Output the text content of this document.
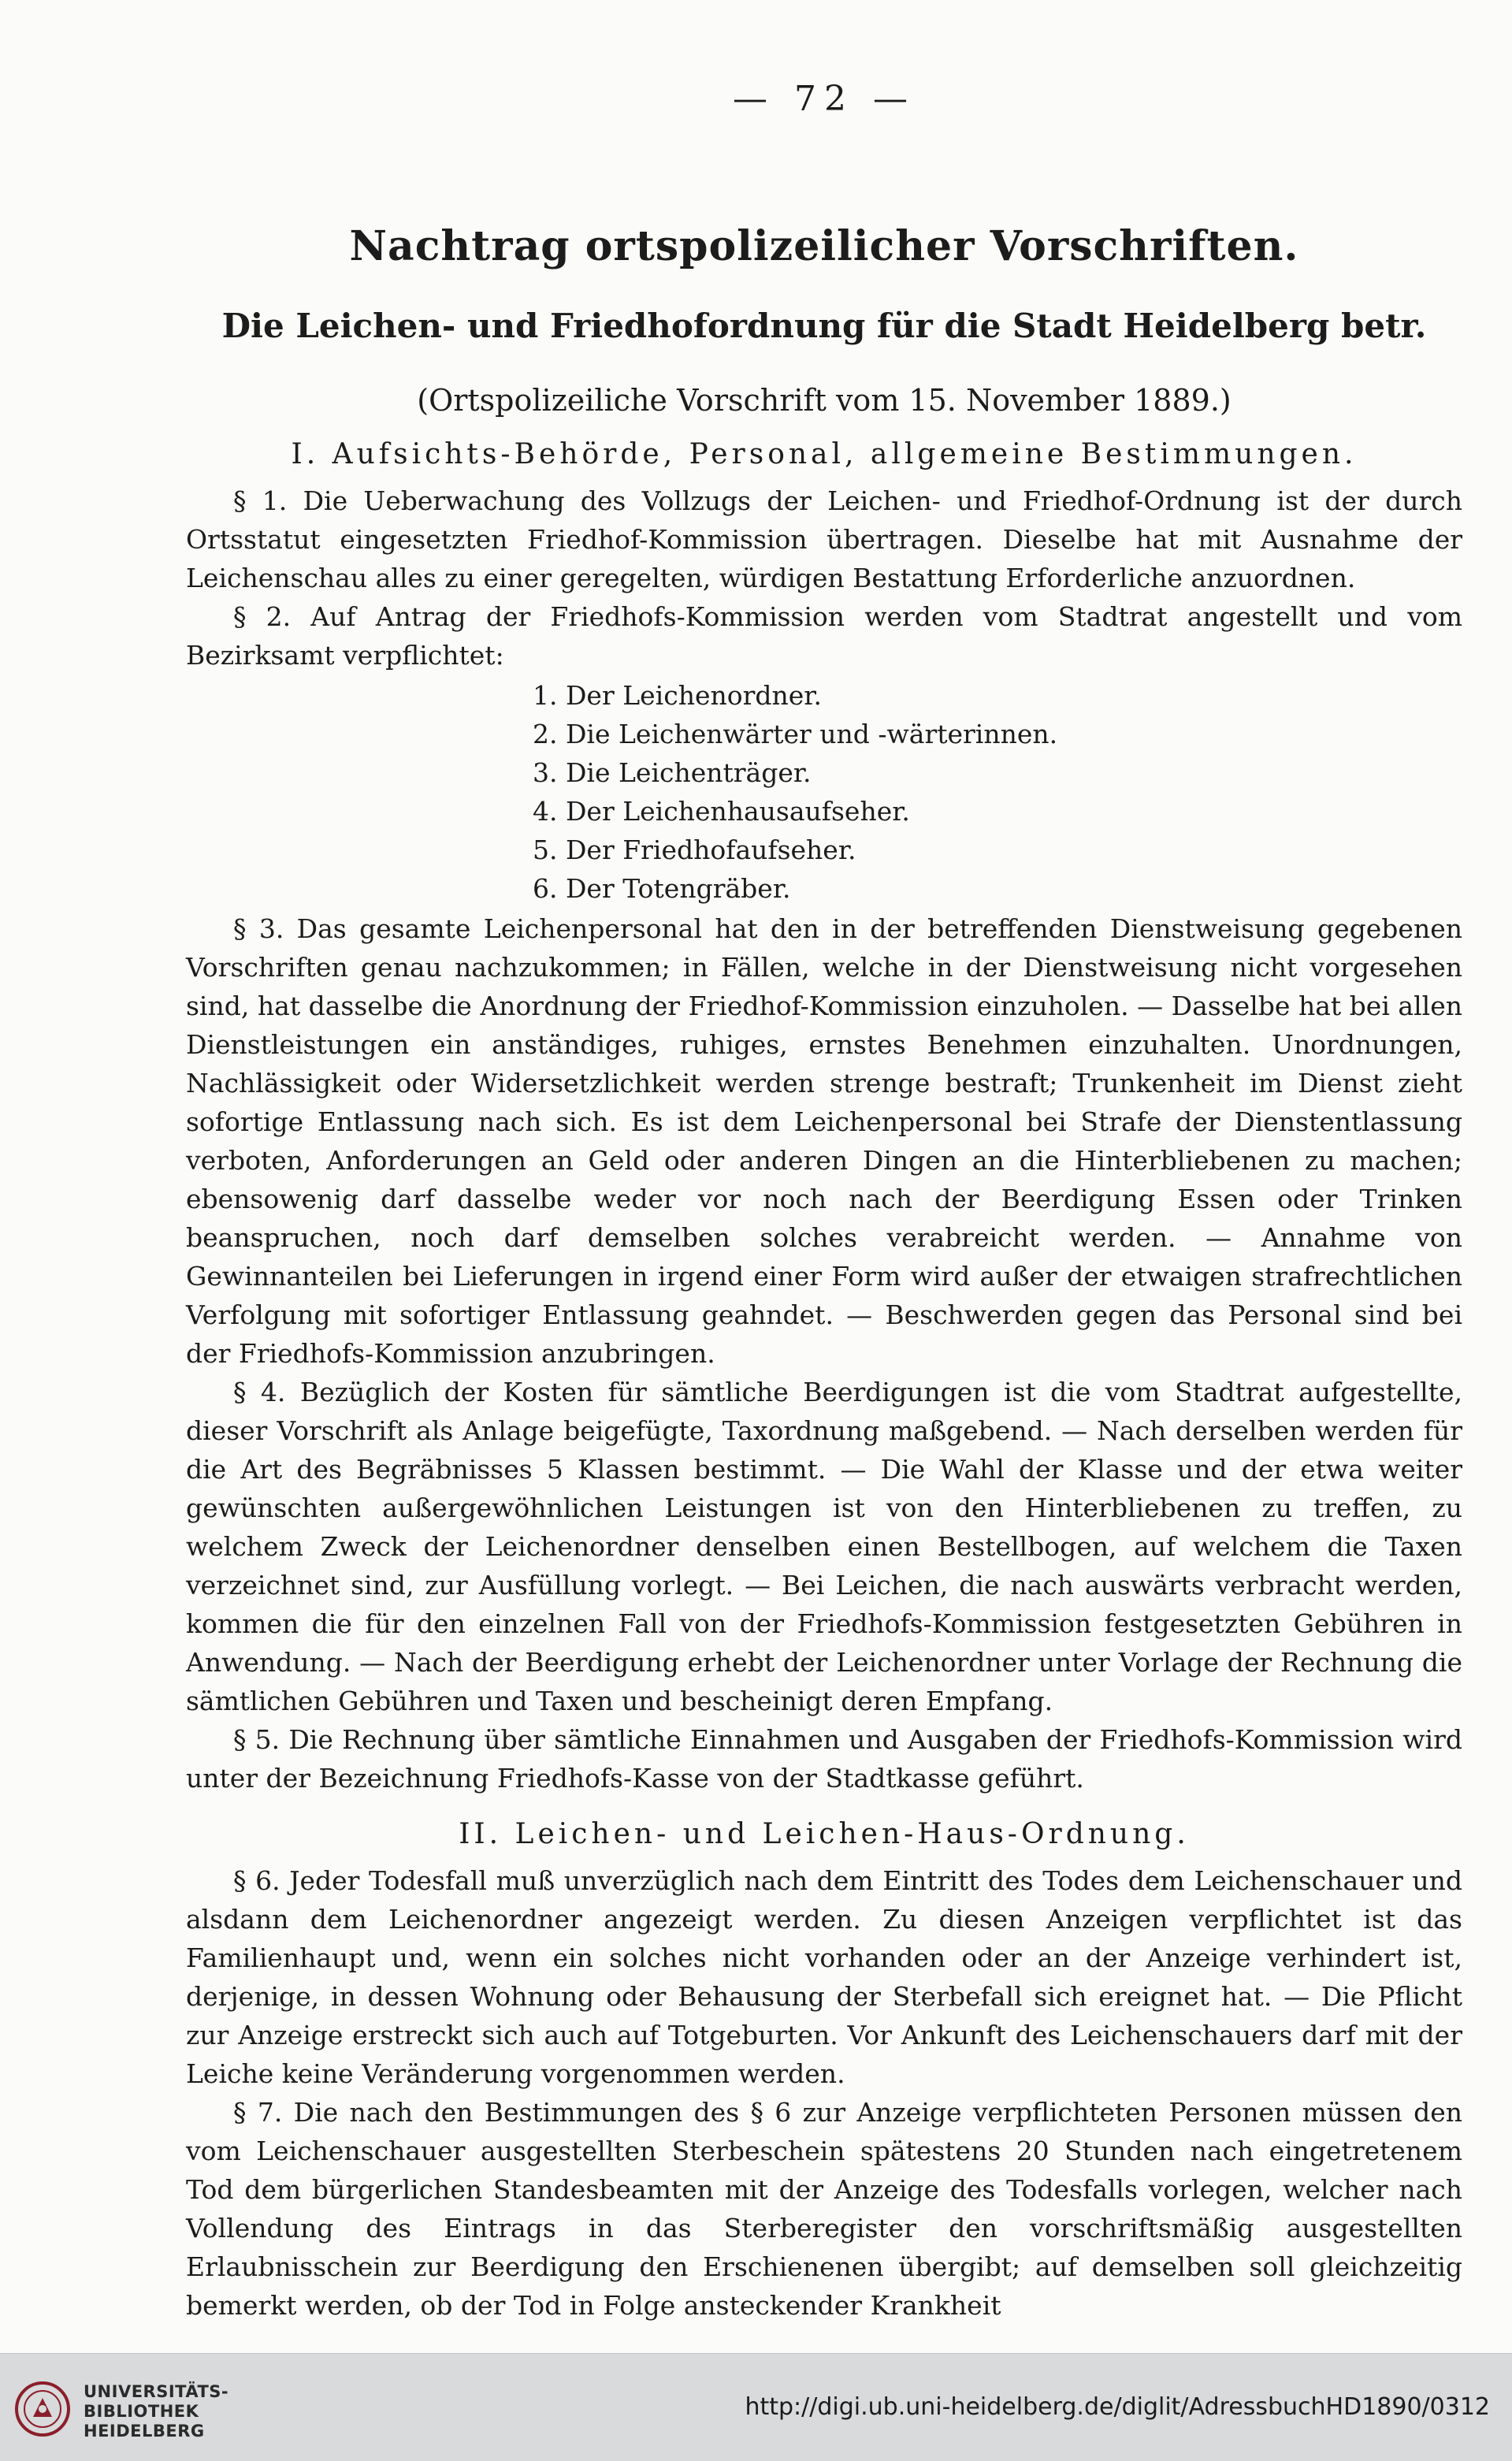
— 72 —
Nachtrag ortspolizeilicher Vorschriften.
Die Leichen- und Friedhofordnung für die Stadt Heidelberg betr.
(Ortspolizeiliche Vorschrift vom 15. November 1889.)
I. Aufsichts-Behörde, Personal, allgemeine Bestimmungen.

§ 1. Die Ueberwachung des Vollzugs der Leichen- und Friedhof-Ordnung ist der durch Ortsstatut eingesetzten Friedhof-Kommission übertragen. Dieselbe hat mit Ausnahme der Leichenschau alles zu einer geregelten, würdigen Bestattung Erforderliche anzuordnen.

§ 2. Auf Antrag der Friedhofs-Kommission werden vom Stadtrat angestellt und vom Bezirksamt verpflichtet:

1. Der Leichenordner.
2. Die Leichenwärter und -wärterinnen.
3. Die Leichenträger.
4. Der Leichenhausaufseher.
5. Der Friedhofaufseher.
6. Der Totengräber.

§ 3. Das gesamte Leichenpersonal hat den in der betreffenden Dienstweisung gegebenen Vorschriften genau nachzukommen; in Fällen, welche in der Dienstweisung nicht vorgesehen sind, hat dasselbe die Anordnung der Friedhof-Kommission einzuholen. — Dasselbe hat bei allen Dienstleistungen ein anständiges, ruhiges, ernstes Benehmen einzuhalten. Unordnungen, Nachlässigkeit oder Widersetzlichkeit werden strenge bestraft; Trunkenheit im Dienst zieht sofortige Entlassung nach sich. Es ist dem Leichenpersonal bei Strafe der Dienstentlassung verboten, Anforderungen an Geld oder anderen Dingen an die Hinterbliebenen zu machen; ebensowenig darf dasselbe weder vor noch nach der Beerdigung Essen oder Trinken beanspruchen, noch darf demselben solches verabreicht werden. — Annahme von Gewinnanteilen bei Lieferungen in irgend einer Form wird außer der etwaigen strafrechtlichen Verfolgung mit sofortiger Entlassung geahndet. — Beschwerden gegen das Personal sind bei der Friedhofs-Kommission anzubringen.

§ 4. Bezüglich der Kosten für sämtliche Beerdigungen ist die vom Stadtrat aufgestellte, dieser Vorschrift als Anlage beigefügte, Taxordnung maßgebend. — Nach derselben werden für die Art des Begräbnisses 5 Klassen bestimmt. — Die Wahl der Klasse und der etwa weiter gewünschten außergewöhnlichen Leistungen ist von den Hinterbliebenen zu treffen, zu welchem Zweck der Leichenordner denselben einen Bestellbogen, auf welchem die Taxen verzeichnet sind, zur Ausfüllung vorlegt. — Bei Leichen, die nach auswärts verbracht werden, kommen die für den einzelnen Fall von der Friedhofs-Kommission festgesetzten Gebühren in Anwendung. — Nach der Beerdigung erhebt der Leichenordner unter Vorlage der Rechnung die sämtlichen Gebühren und Taxen und bescheinigt deren Empfang.

§ 5. Die Rechnung über sämtliche Einnahmen und Ausgaben der Friedhofs-Kommission wird unter der Bezeichnung Friedhofs-Kasse von der Stadtkasse geführt.

II. Leichen- und Leichen-Haus-Ordnung.

§ 6. Jeder Todesfall muß unverzüglich nach dem Eintritt des Todes dem Leichenschauer und alsdann dem Leichenordner angezeigt werden. Zu diesen Anzeigen verpflichtet ist das Familienhaupt und, wenn ein solches nicht vorhanden oder an der Anzeige verhindert ist, derjenige, in dessen Wohnung oder Behausung der Sterbefall sich ereignet hat. — Die Pflicht zur Anzeige erstreckt sich auch auf Totgeburten. Vor Ankunft des Leichenschauers darf mit der Leiche keine Veränderung vorgenommen werden.

§ 7. Die nach den Bestimmungen des § 6 zur Anzeige verpflichteten Personen müssen den vom Leichenschauer ausgestellten Sterbeschein spätestens 20 Stunden nach eingetretenem Tod dem bürgerlichen Standesbeamten mit der Anzeige des Todesfalls vorlegen, welcher nach Vollendung des Eintrags in das Sterberegister den vorschriftsmäßig ausgestellten Erlaubnisschein zur Beerdigung den Erschienenen übergibt; auf demselben soll gleichzeitig bemerkt werden, ob der Tod in Folge ansteckender Krankheit

UNIVERSITÄTS-
BIBLIOTHEK
HEIDELBERG
http://digi.ub.uni-heidelberg.de/diglit/AdressbuchHD1890/0312
